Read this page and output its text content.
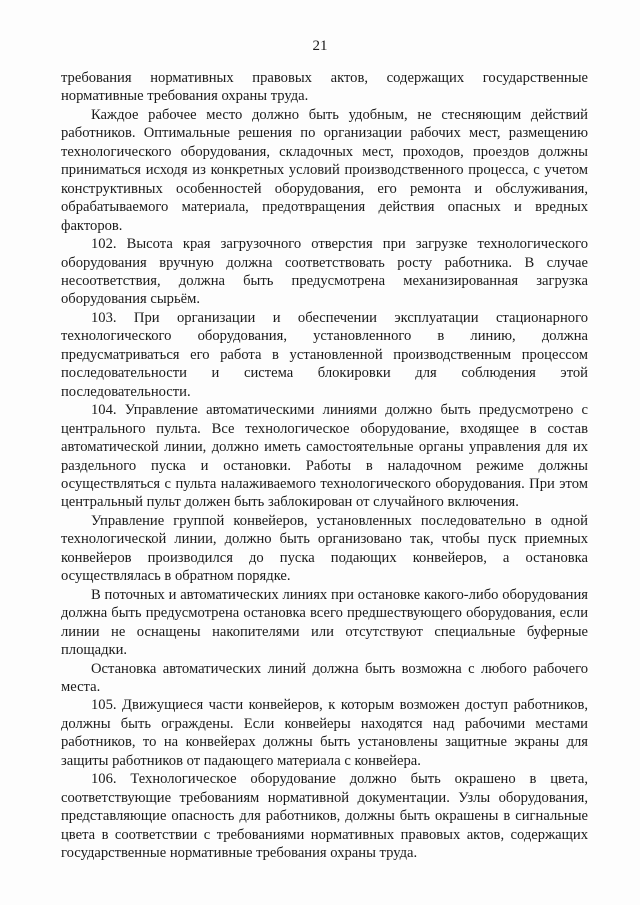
21

требования нормативных правовых актов, содержащих государственные нормативные требования охраны труда.

Каждое рабочее место должно быть удобным, не стесняющим действий работников. Оптимальные решения по организации рабочих мест, размещению технологического оборудования, складочных мест, проходов, проездов должны приниматься исходя из конкретных условий производственного процесса, с учетом конструктивных особенностей оборудования, его ремонта и обслуживания, обрабатываемого материала, предотвращения действия опасных и вредных факторов.

102. Высота края загрузочного отверстия при загрузке технологического оборудования вручную должна соответствовать росту работника. В случае несоответствия, должна быть предусмотрена механизированная загрузка оборудования сырьём.

103. При организации и обеспечении эксплуатации стационарного технологического оборудования, установленного в линию, должна предусматриваться его работа в установленной производственным процессом последовательности и система блокировки для соблюдения этой последовательности.

104. Управление автоматическими линиями должно быть предусмотрено с центрального пульта. Все технологическое оборудование, входящее в состав автоматической линии, должно иметь самостоятельные органы управления для их раздельного пуска и остановки. Работы в наладочном режиме должны осуществляться с пульта налаживаемого технологического оборудования. При этом центральный пульт должен быть заблокирован от случайного включения.

Управление группой конвейеров, установленных последовательно в одной технологической линии, должно быть организовано так, чтобы пуск приемных конвейеров производился до пуска подающих конвейеров, а остановка осуществлялась в обратном порядке.

В поточных и автоматических линиях при остановке какого-либо оборудования должна быть предусмотрена остановка всего предшествующего оборудования, если линии не оснащены накопителями или отсутствуют специальные буферные площадки.

Остановка автоматических линий должна быть возможна с любого рабочего места.

105. Движущиеся части конвейеров, к которым возможен доступ работников, должны быть ограждены. Если конвейеры находятся над рабочими местами работников, то на конвейерах должны быть установлены защитные экраны для защиты работников от падающего материала с конвейера.

106. Технологическое оборудование должно быть окрашено в цвета, соответствующие требованиям нормативной документации. Узлы оборудования, представляющие опасность для работников, должны быть окрашены в сигнальные цвета в соответствии с требованиями нормативных правовых актов, содержащих государственные нормативные требования охраны труда.
